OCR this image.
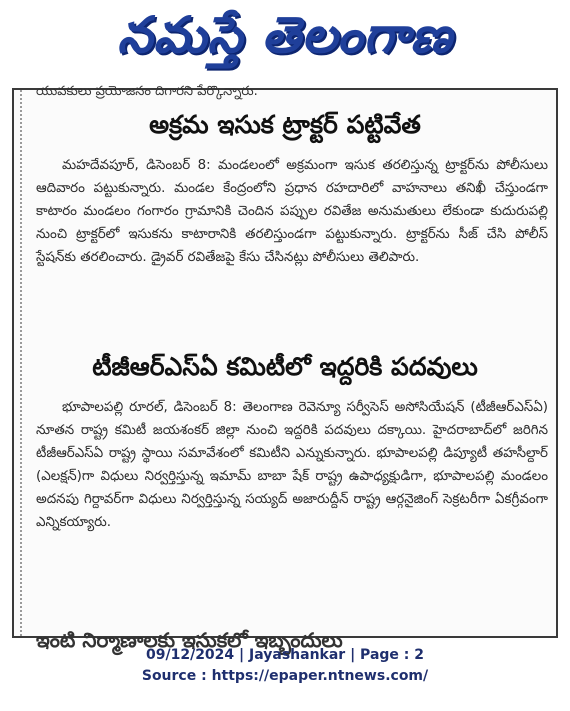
నమస్తే తెలంగాణ
యువకులు ప్రయోజనం దిగారని పేర్కొన్నారు.
అక్రమ ఇసుక ట్రాక్టర్ పట్టివేత
మహదేవపూర్, డిసెంబర్ 8: మండలంలో అక్రమంగా ఇసుక తరలిస్తున్న ట్రాక్టర్‌ను పోలీసులు ఆదివారం పట్టుకున్నారు. మండల కేంద్రంలోని ప్రధాన రహదారిలో వాహనాలు తనిఖీ చేస్తుండగా కాటారం మండలం గంగారం గ్రామానికి చెందిన పప్పుల రవితేజ అనుమతులు లేకుండా కుదురుపల్లి నుంచి ట్రాక్టర్‌లో ఇసుకను కాటారానికి తరలిస్తుండగా పట్టుకున్నారు. ట్రాక్టర్‌ను సీజ్ చేసి పోలీస్ స్టేషన్‌కు తరలించారు. డ్రైవర్ రవితేజపై కేసు చేసినట్లు పోలీసులు తెలిపారు.
టీజీఆర్ఎస్ఏ కమిటీలో ఇద్దరికి పదవులు
భూపాలపల్లి రూరల్, డిసెంబర్ 8: తెలంగాణ రెవెన్యూ సర్వీసెస్ అసోసియేషన్ (టీజీఆర్ఎస్ఏ) నూతన రాష్ట్ర కమిటీ జయశంకర్ జిల్లా నుంచి ఇద్దరికి పదవులు దక్కాయి. హైదరాబాద్‌లో జరిగిన టీజీఆర్ఎస్ఏ రాష్ట్ర స్థాయి సమావేశంలో కమిటీని ఎన్నుకున్నారు. భూపాలపల్లి డిప్యూటీ తహసీల్దార్ (ఎలక్షన్)గా విధులు నిర్వర్తిస్తున్న ఇమామ్ బాబా షేక్ రాష్ట్ర ఉపాధ్యక్షుడిగా, భూపాలపల్లి మండలం అదనపు గిర్దావర్‌గా విధులు నిర్వర్తిస్తున్న సయ్యద్ అజారుద్దీన్ రాష్ట్ర ఆర్గనైజింగ్ సెక్రటరీగా ఏకగ్రీవంగా ఎన్నికయ్యారు.
ఇంటి నిర్మాణాలకు ఇసుకలో ఇబ్బందులు
09/12/2024 | Jayashankar | Page : 2
Source : https://epaper.ntnews.com/
